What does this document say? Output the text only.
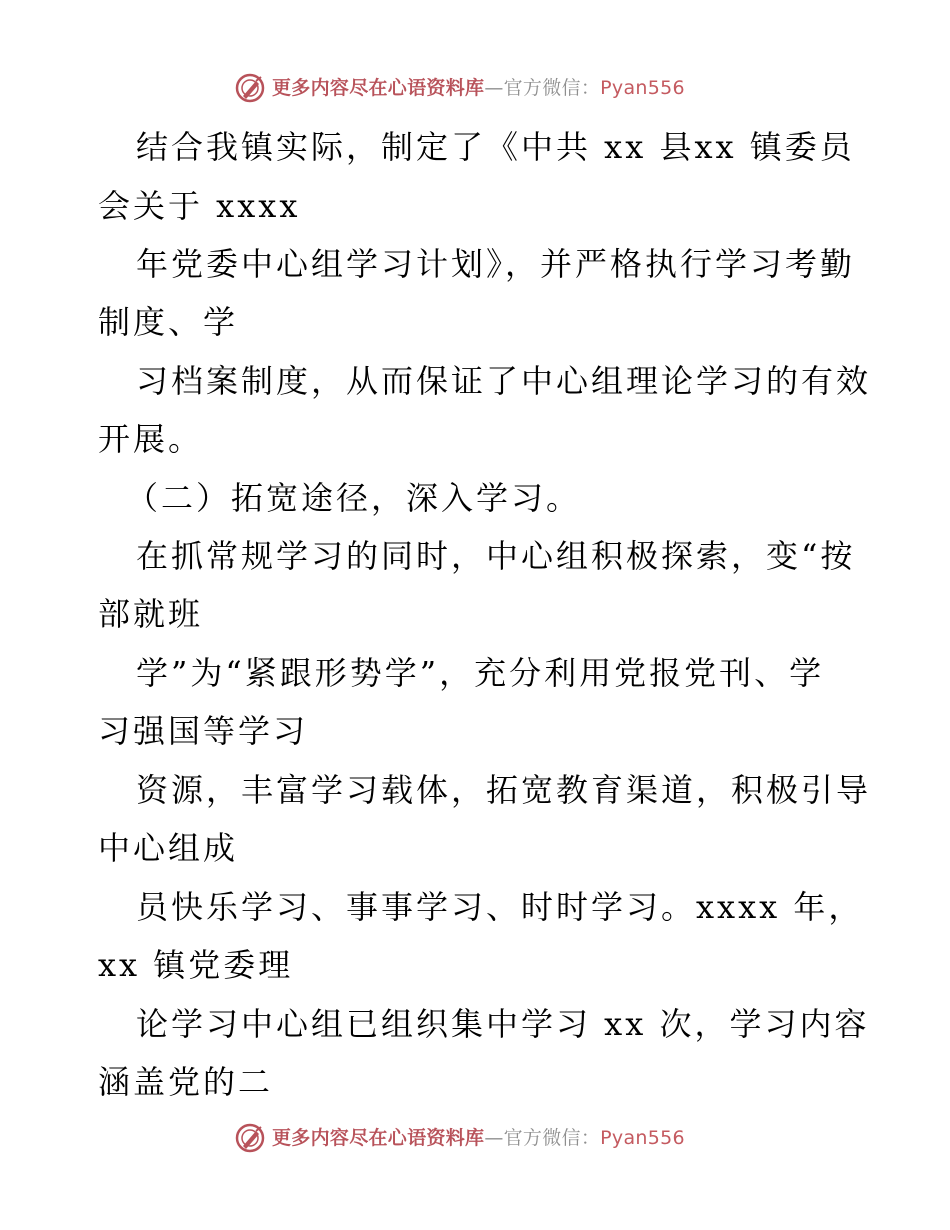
更多内容尽在心语资料库—官方微信：Pyan556
结合我镇实际，制定了《中共 xx 县xx 镇委员
会关于 xxxx
年党委中心组学习计划》，并严格执行学习考勤
制度、学
习档案制度，从而保证了中心组理论学习的有效
开展。
（二）拓宽途径，深入学习。
在抓常规学习的同时，中心组积极探索，变“按
部就班
学”为“紧跟形势学”，充分利用党报党刊、学
习强国等学习
资源，丰富学习载体，拓宽教育渠道，积极引导
中心组成
员快乐学习、事事学习、时时学习。xxxx 年，
xx 镇党委理
论学习中心组已组织集中学习 xx 次，学习内容
涵盖党的二
更多内容尽在心语资料库—官方微信：Pyan556
